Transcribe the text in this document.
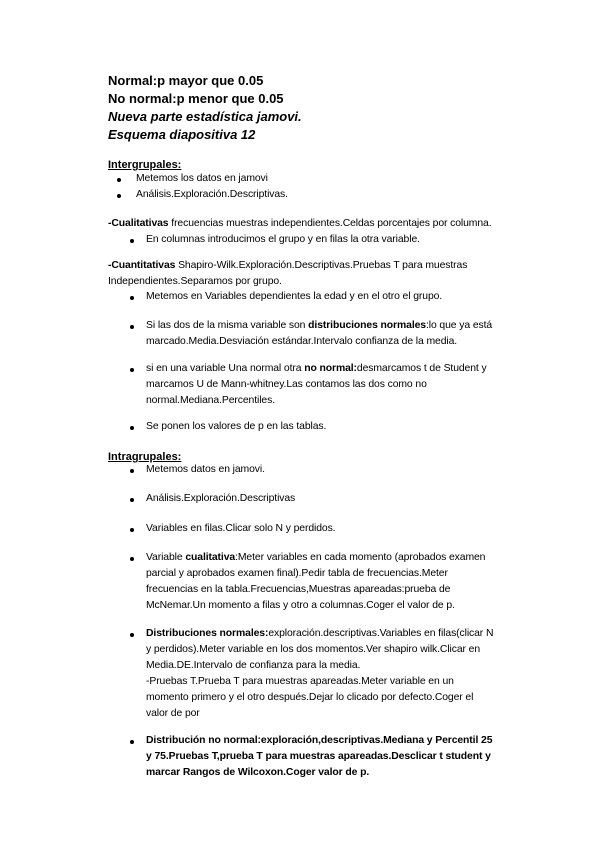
Normal:p mayor que 0.05
No normal:p menor que 0.05
Nueva parte estadística jamovi.
Esquema diapositiva 12
Intergrupales:
Metemos los datos en jamovi
Análisis.Exploración.Descriptivas.
-Cualitativas frecuencias muestras independientes.Celdas porcentajes por columna.
En columnas introducimos el grupo y en filas la otra variable.
-Cuantitativas Shapiro-Wilk.Exploración.Descriptivas.Pruebas T para muestras
Independientes.Separamos por grupo.
Metemos en Variables dependientes la edad y en el otro el grupo.
Si las dos de la misma variable son distribuciones normales:lo que ya está
marcado.Media.Desviación estándar.Intervalo confianza de la media.
si en una variable Una normal otra no normal:desmarcamos t de Student y
marcamos U de Mann-whitney.Las contamos las dos como no
normal.Mediana.Percentiles.
Se ponen los valores de p en las tablas.
Intragrupales:
Metemos datos en jamovi.
Análisis.Exploración.Descriptivas
Variables en filas.Clicar solo N y perdidos.
Variable cualitativa:Meter variables en cada momento (aprobados examen
parcial y aprobados examen final).Pedir tabla de frecuencias.Meter
frecuencias en la tabla.Frecuencias,Muestras apareadas:prueba de
McNemar.Un momento a filas y otro a columnas.Coger el valor de p.
Distribuciones normales:exploración.descriptivas.Variables en filas(clicar N
y perdidos).Meter variable en los dos momentos.Ver shapiro wilk.Clicar en
Media.DE.Intervalo de confianza para la media.
-Pruebas T.Prueba T para muestras apareadas.Meter variable en un
momento primero y el otro después.Dejar lo clicado por defecto.Coger el
valor de por
Distribución no normal:exploración,descriptivas.Mediana y Percentil 25
y 75.Pruebas T,prueba T para muestras apareadas.Desclicar t student y
marcar Rangos de Wilcoxon.Coger valor de p.
